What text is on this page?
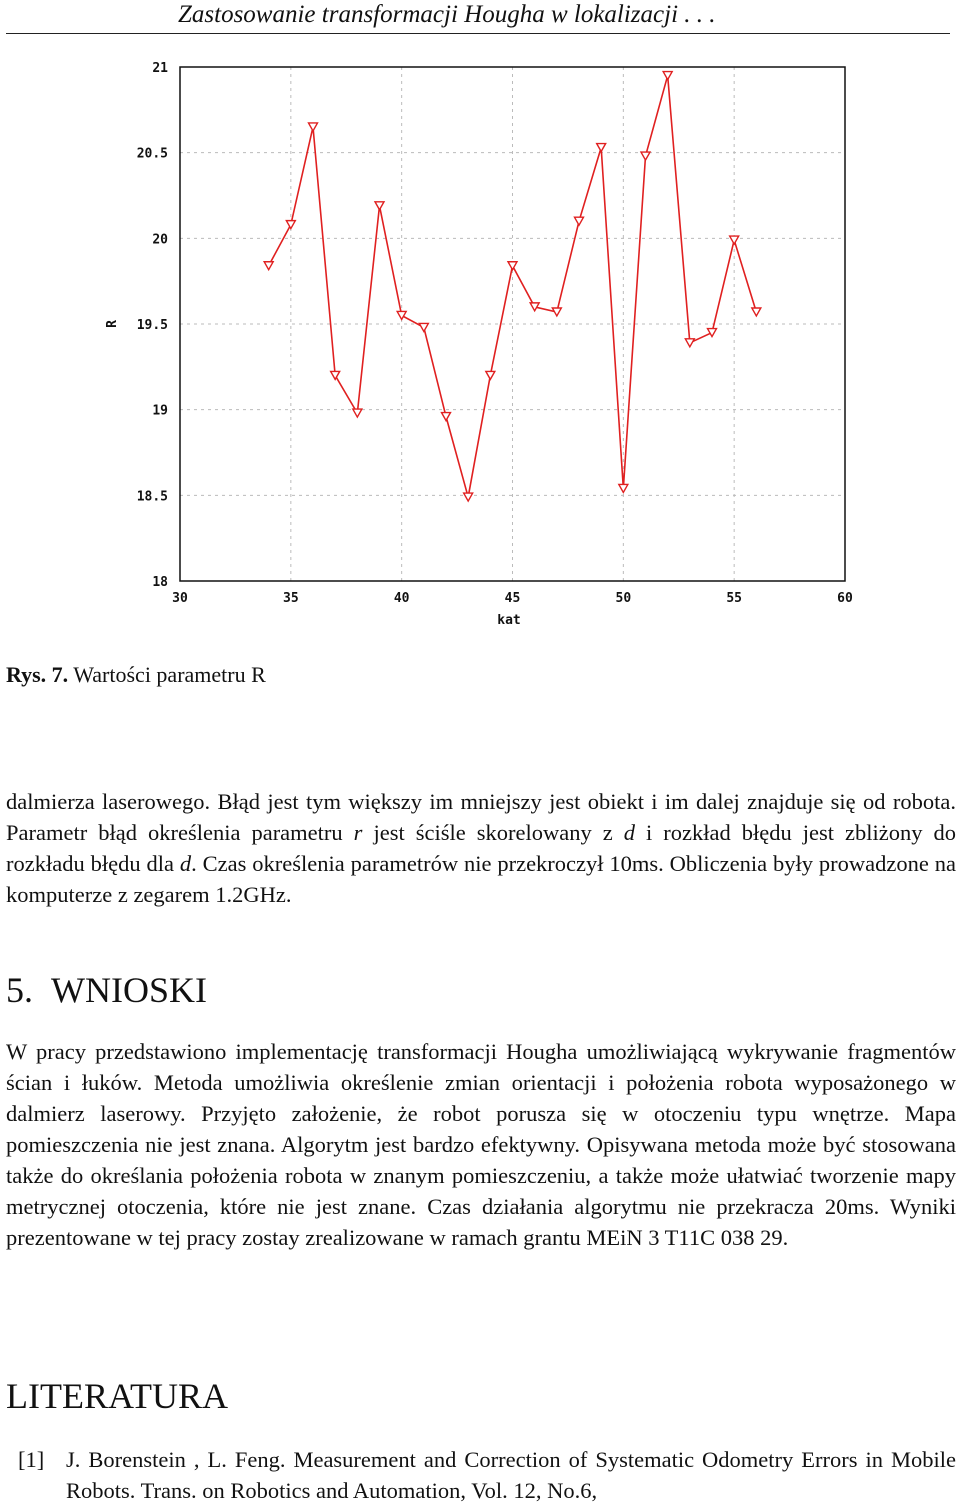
Zastosowanie transformacji Hougha w lokalizacji . . .
18
18.5
19
19.5
20
20.5
21
30	35	40	45	50	55	60
kat
R
Rys. 7. Wartości parametru R

dalmierza laserowego. Błąd jest tym większy im mniejszy jest obiekt i im dalej znajduje się od robota. Parametr błąd określenia parametru r jest ściśle skorelowany z d i rozkład błędu jest zbliżony do rozkładu błędu dla d. Czas określenia parametrów nie przekroczył 10ms. Obliczenia były prowadzone na komputerze z zegarem 1.2GHz.

5. WNIOSKI

W pracy przedstawiono implementację transformacji Hougha umożliwiającą wykrywanie fragmentów ścian i łuków. Metoda umożliwia określenie zmian orientacji i położenia robota wyposażonego w dalmierz laserowy. Przyjęto założenie, że robot porusza się w otoczeniu typu wnętrze. Mapa pomieszczenia nie jest znana. Algorytm jest bardzo efektywny. Opisywana metoda może być stosowana także do określania położenia robota w znanym pomieszczeniu, a także może ułatwiać tworzenie mapy metrycznej otoczenia, które nie jest znane. Czas działania algorytmu nie przekracza 20ms. Wyniki prezentowane w tej pracy zostay zrealizowane w ramach grantu MEiN 3 T11C 038 29.

LITERATURA
[1] J. Borenstein , L. Feng. Measurement and Correction of Systematic Odometry Errors in Mobile Robots. Trans. on Robotics and Automation, Vol. 12, No.6,
